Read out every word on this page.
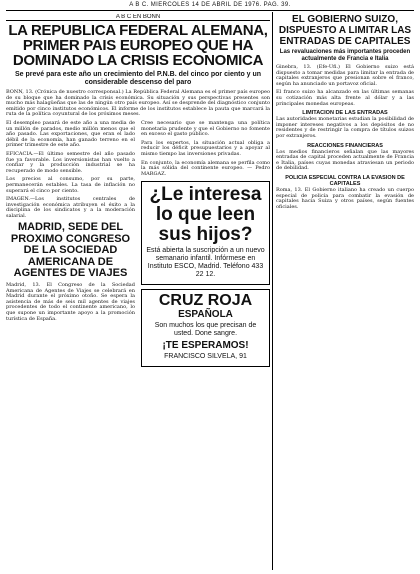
A B C. MIERCOLES 14 DE ABRIL DE 1976. PAG. 39.
A B C EN BONN

LA REPUBLICA FEDERAL ALEMANA, PRIMER PAIS EUROPEO QUE HA DOMINADO LA CRISIS ECONOMICA

Se prevé para este año un crecimiento del P.N.B. del cinco por ciento y un considerable descenso del paro

BONN, 13. (Crónica de nuestro corresponsal.) La República Federal Alemana es el primer país europeo de su bloque que ha dominado la crisis económica. Su situación y sus perspectivas presentes son mucho más halagüeñas que las de ningún otro país europeo. Así se desprende del diagnóstico conjunto emitido por cinco institutos económicos. El informe de los institutos establece la pauta que marcará la ruta de la política coyuntural de los próximos meses.

El desempleo pasará de este año a una media de un millón de parados, medio millón menos que el año pasado. Las exportaciones, que eran el lado débil de la economía, han ganado terreno en el primer trimestre de este año.
EFICACIA.—El último semestre del año pasado fue ya favorable. Los inversionistas han vuelto a confiar y la producción industrial se ha recuperado de modo sensible.
Los precios al consumo, por su parte, permanecerán estables. La tasa de inflación no superará el cinco por ciento.
IMAGEN.—Los institutos centrales de investigación económica atribuyen el éxito a la disciplina de los sindicatos y a la moderación salarial.

MADRID, SEDE DEL PROXIMO CONGRESO DE LA SOCIEDAD AMERICANA DE AGENTES DE VIAJES

Madrid, 13. El Congreso de la Sociedad Americana de Agentes de Viajes se celebrará en Madrid durante el próximo otoño. Se espera la asistencia de más de seis mil agentes de viajes procedentes de todo el continente americano, lo que supone un importante apoyo a la promoción turística de España.

Cree necesario que se mantenga una política monetaria prudente y que el Gobierno no fomente en exceso el gasto público.
Para los expertos, la situación actual obliga a reducir los déficit presupuestarios y a apoyar al mismo tiempo las inversiones privadas.
En conjunto, la economía alemana se perfila como la más sólida del continente europeo. — Pedro MARGAZ.

¿Le interesa lo que leen sus hijos?
Está abierta la suscripción a un nuevo semanario infantil. Infórmese en Instituto ESCO, Madrid. Teléfono 433 22 12.
CRUZ ROJA
ESPAÑOLA
Son muchos los que precisan de usted. Done sangre.
¡TE ESPERAMOS!
FRANCISCO SILVELA, 91
EL GOBIERNO SUIZO, DISPUESTO A LIMITAR LAS ENTRADAS DE CAPITALES
Las revaluaciones más importantes proceden actualmente de Francia e Italia

Ginebra, 13. (Efe-Ufi.) El Gobierno suizo está dispuesto a tomar medidas para limitar la entrada de capitales extranjeros que presionan sobre el franco, según ha anunciado un portavoz oficial.
El franco suizo ha alcanzado en las últimas semanas su cotización más alta frente al dólar y a las principales monedas europeas.

LIMITACION DE LAS ENTRADAS

Las autoridades monetarias estudian la posibilidad de imponer intereses negativos a los depósitos de no residentes y de restringir la compra de títulos suizos por extranjeros.

REACCIONES FINANCIERAS

Los medios financieros señalan que las mayores entradas de capital proceden actualmente de Francia e Italia, países cuyas monedas atraviesan un periodo de debilidad.

POLICIA ESPECIAL CONTRA LA EVASION DE CAPITALES

Roma, 13. El Gobierno italiano ha creado un cuerpo especial de policía para combatir la evasión de capitales hacia Suiza y otros países, según fuentes oficiales.
